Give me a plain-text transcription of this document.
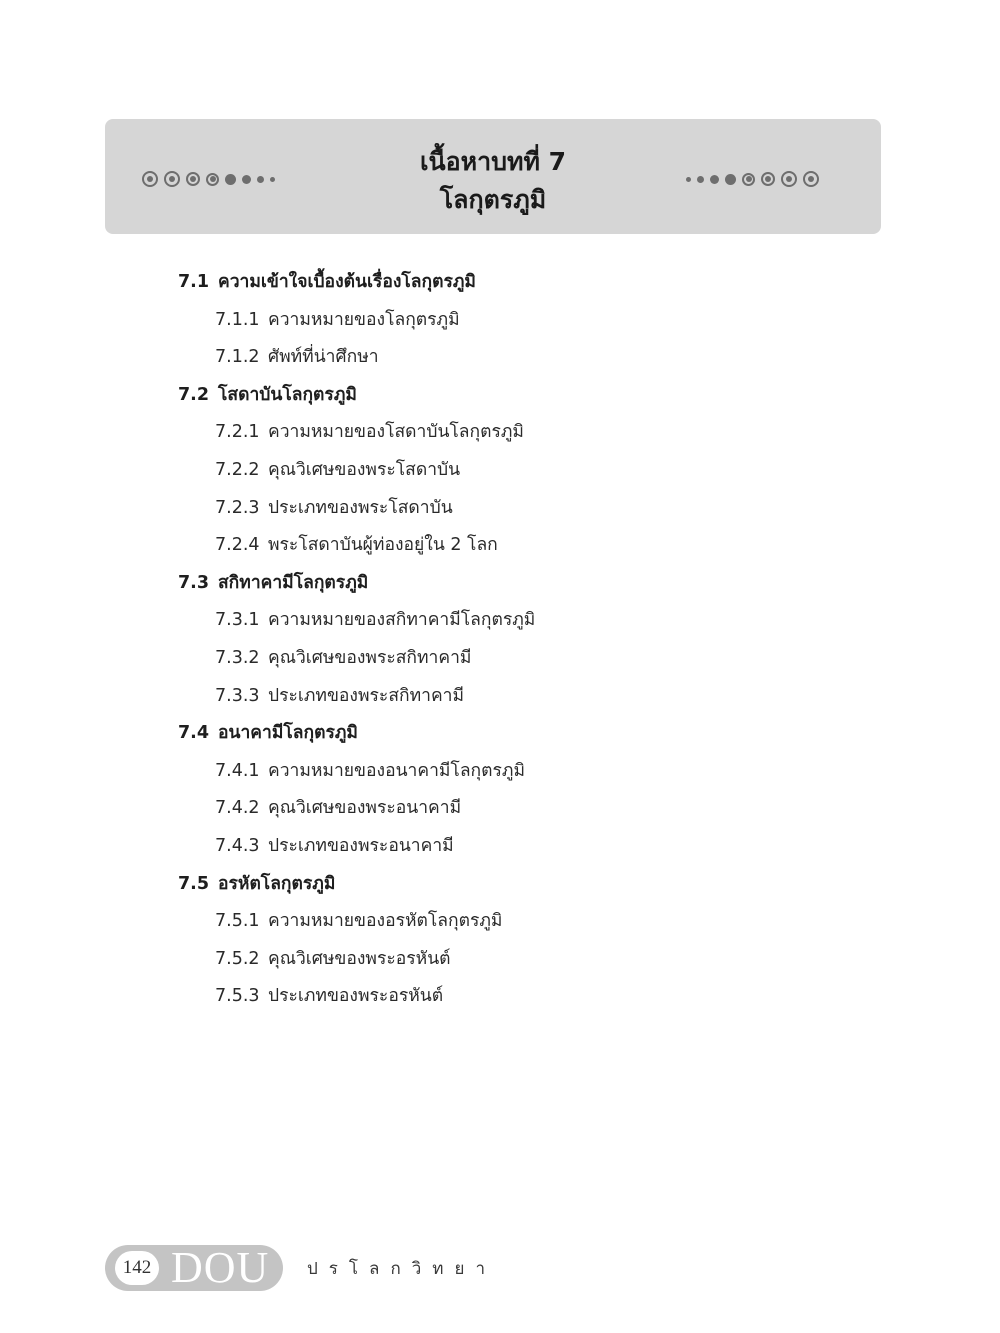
เนื้อหาบทที่ 7
โลกุตรภูมิ
7.1 ความเข้าใจเบื้องต้นเรื่องโลกุตรภูมิ
7.1.1 ความหมายของโลกุตรภูมิ
7.1.2 ศัพท์ที่น่าศึกษา
7.2 โสดาบันโลกุตรภูมิ
7.2.1 ความหมายของโสดาบันโลกุตรภูมิ
7.2.2 คุณวิเศษของพระโสดาบัน
7.2.3 ประเภทของพระโสดาบัน
7.2.4 พระโสดาบันผู้ท่องอยู่ใน 2 โลก
7.3 สกิทาคามีโลกุตรภูมิ
7.3.1 ความหมายของสกิทาคามีโลกุตรภูมิ
7.3.2 คุณวิเศษของพระสกิทาคามี
7.3.3 ประเภทของพระสกิทาคามี
7.4 อนาคามีโลกุตรภูมิ
7.4.1 ความหมายของอนาคามีโลกุตรภูมิ
7.4.2 คุณวิเศษของพระอนาคามี
7.4.3 ประเภทของพระอนาคามี
7.5 อรหัตโลกุตรภูมิ
7.5.1 ความหมายของอรหัตโลกุตรภูมิ
7.5.2 คุณวิเศษของพระอรหันต์
7.5.3 ประเภทของพระอรหันต์
142 DOU ปรโลกวิทยา
